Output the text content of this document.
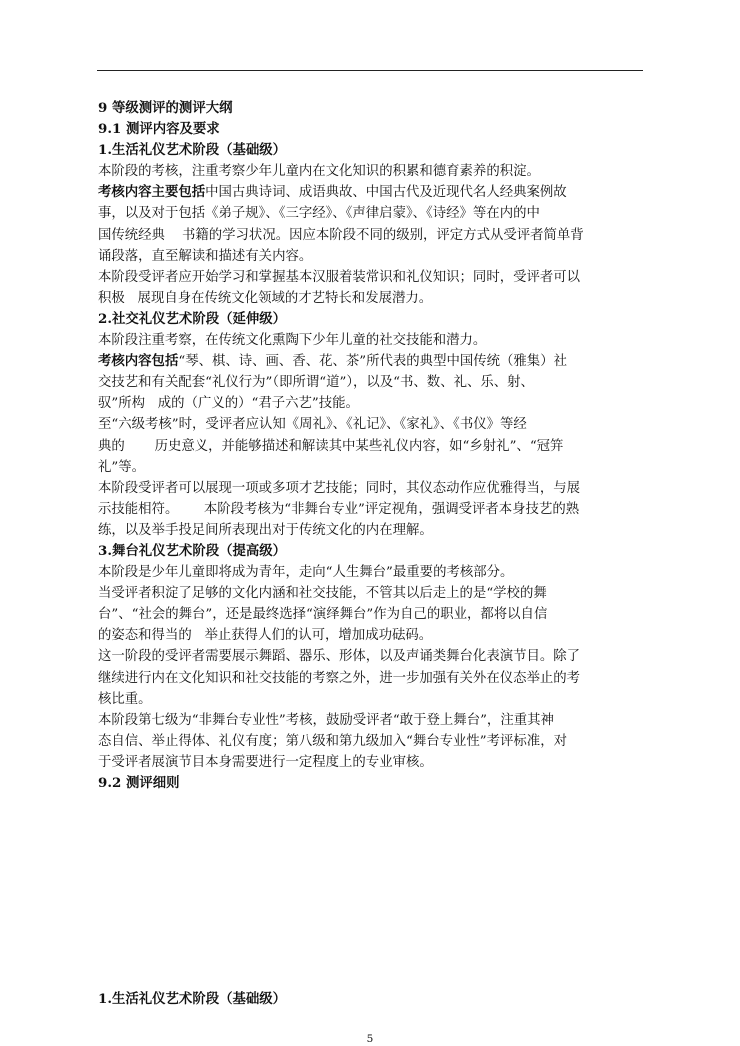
9 等级测评的测评大纲

9.1 测评内容及要求

1.生活礼仪艺术阶段（基础级）

本阶段的考核，注重考察少年儿童内在文化知识的积累和德育素养的积淀。

考核内容主要包括中国古典诗词、成语典故、中国古代及近现代名人经典案例故

事，以及对于包括《弟子规》、《三字经》、《声律启蒙》、《诗经》等在内的中

国传统经典    书籍的学习状况。因应本阶段不同的级别，评定方式从受评者简单背

诵段落，直至解读和描述有关内容。

本阶段受评者应开始学习和掌握基本汉服着装常识和礼仪知识；同时，受评者可以

积极   展现自身在传统文化领域的才艺特长和发展潜力。

2.社交礼仪艺术阶段（延伸级）

本阶段注重考察，在传统文化熏陶下少年儿童的社交技能和潜力。

考核内容包括“琴、棋、诗、画、香、花、茶”所代表的典型中国传统（雅集）社

交技艺和有关配套“礼仪行为”（即所谓“道”），以及“书、数、礼、乐、射、

驭”所构   成的（广义的）“君子六艺”技能。

至“六级考核”时，受评者应认知《周礼》、《礼记》、《家礼》、《书仪》等经

典的       历史意义，并能够描述和解读其中某些礼仪内容，如“乡射礼”、“冠笄

礼”等。

本阶段受评者可以展现一项或多项才艺技能；同时，其仪态动作应优雅得当，与展

示技能相符。      本阶段考核为“非舞台专业”评定视角，强调受评者本身技艺的熟

练，以及举手投足间所表现出对于传统文化的内在理解。

3.舞台礼仪艺术阶段（提高级）

本阶段是少年儿童即将成为青年，走向“人生舞台”最重要的考核部分。

当受评者积淀了足够的文化内涵和社交技能，不管其以后走上的是“学校的舞

台”、“社会的舞台”，还是最终选择“演绎舞台”作为自己的职业，都将以自信

的姿态和得当的   举止获得人们的认可，增加成功砝码。

这一阶段的受评者需要展示舞蹈、器乐、形体，以及声诵类舞台化表演节目。除了

继续进行内在文化知识和社交技能的考察之外，进一步加强有关外在仪态举止的考

核比重。

本阶段第七级为“非舞台专业性”考核，鼓励受评者“敢于登上舞台”，注重其神

态自信、举止得体、礼仪有度；第八级和第九级加入“舞台专业性”考评标准，对

于受评者展演节目本身需要进行一定程度上的专业审核。

9.2 测评细则

1.生活礼仪艺术阶段（基础级）

5
